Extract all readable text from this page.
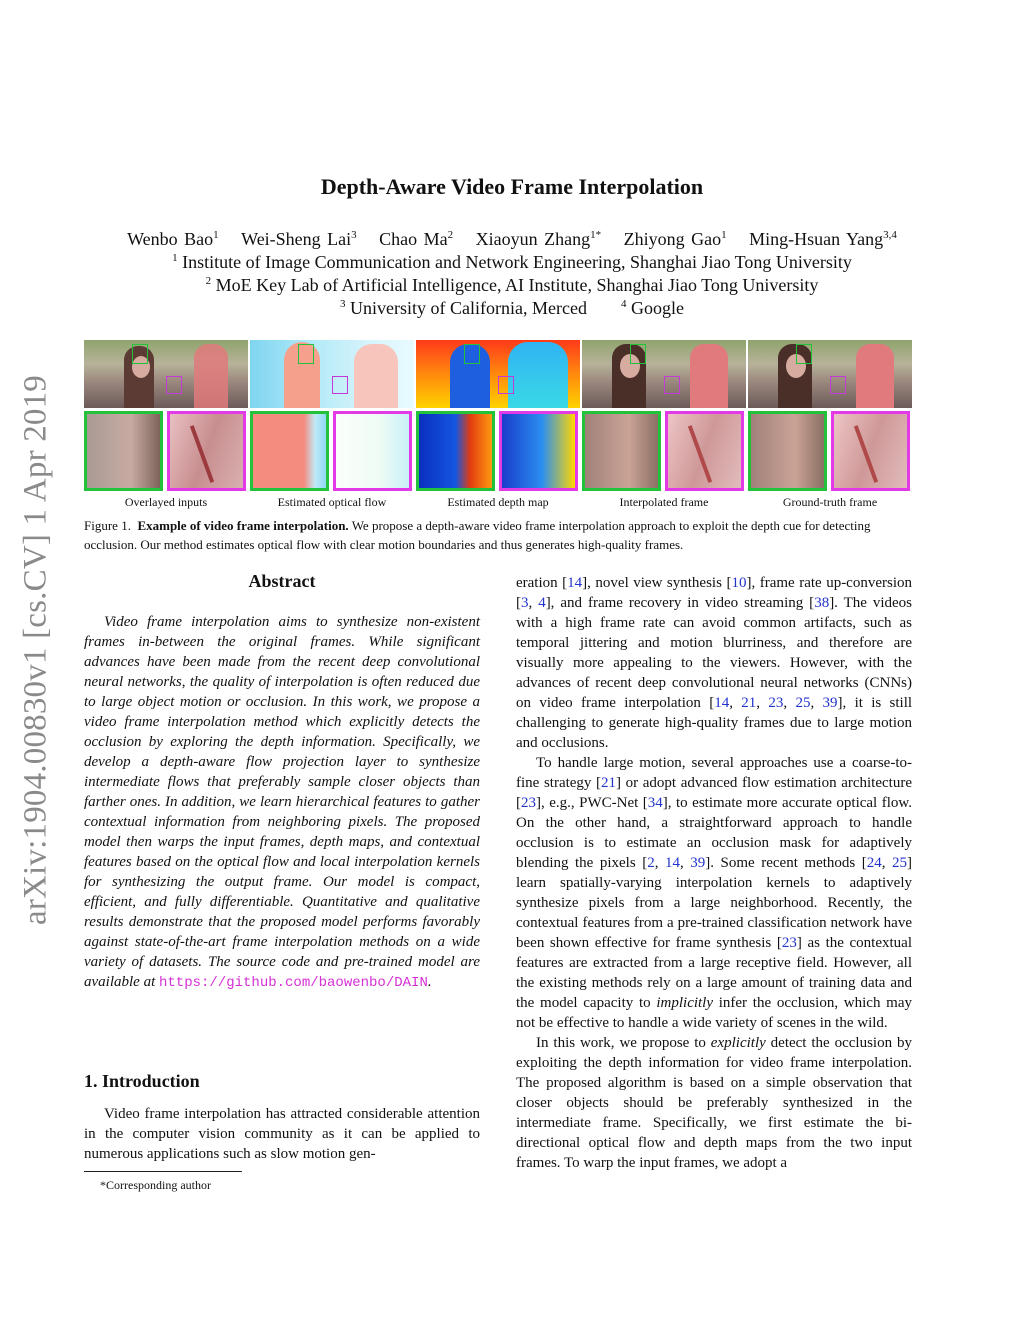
arXiv:1904.00830v1 [cs.CV] 1 Apr 2019
Depth-Aware Video Frame Interpolation
Wenbo Bao$^1$ Wei-Sheng Lai$^3$ Chao Ma$^2$ Xiaoyun Zhang$^{1*}$ Zhiyong Gao$^1$ Ming-Hsuan Yang$^{3,4}$
$^1$ Institute of Image Communication and Network Engineering, Shanghai Jiao Tong University
$^2$ MoE Key Lab of Artificial Intelligence, AI Institute, Shanghai Jiao Tong University
$^3$ University of California, Merced	$^4$ Google
Overlayed inputs	Estimated optical flow	Estimated depth map	Interpolated frame	Ground-truth frame
Figure 1. Example of video frame interpolation. We propose a depth-aware video frame interpolation approach to exploit the depth cue for detecting occlusion. Our method estimates optical flow with clear motion boundaries and thus generates high-quality frames.
Abstract
Video frame interpolation aims to synthesize non-existent frames in-between the original frames. While significant advances have been made from the recent deep convolutional neural networks, the quality of interpolation is often reduced due to large object motion or occlusion. In this work, we propose a video frame interpolation method which explicitly detects the occlusion by exploring the depth information. Specifically, we develop a depth-aware flow projection layer to synthesize intermediate flows that preferably sample closer objects than farther ones. In addition, we learn hierarchical features to gather contextual information from neighboring pixels. The proposed model then warps the input frames, depth maps, and contextual features based on the optical flow and local interpolation kernels for synthesizing the output frame. Our model is compact, efficient, and fully differentiable. Quantitative and qualitative results demonstrate that the proposed model performs favorably against state-of-the-art frame interpolation methods on a wide variety of datasets. The source code and pre-trained model are available at https://github.com/baowenbo/DAIN.
1. Introduction
Video frame interpolation has attracted considerable attention in the computer vision community as it can be applied to numerous applications such as slow motion gen-
*Corresponding author

eration [14], novel view synthesis [10], frame rate up-conversion [3, 4], and frame recovery in video streaming [38]. The videos with a high frame rate can avoid common artifacts, such as temporal jittering and motion blurriness, and therefore are visually more appealing to the viewers. However, with the advances of recent deep convolutional neural networks (CNNs) on video frame interpolation [14, 21, 23, 25, 39], it is still challenging to generate high-quality frames due to large motion and occlusions.

To handle large motion, several approaches use a coarse-to-fine strategy [21] or adopt advanced flow estimation architecture [23], e.g., PWC-Net [34], to estimate more accurate optical flow. On the other hand, a straightforward approach to handle occlusion is to estimate an occlusion mask for adaptively blending the pixels [2, 14, 39]. Some recent methods [24, 25] learn spatially-varying interpolation kernels to adaptively synthesize pixels from a large neighborhood. Recently, the contextual features from a pre-trained classification network have been shown effective for frame synthesis [23] as the contextual features are extracted from a large receptive field. However, all the existing methods rely on a large amount of training data and the model capacity to implicitly infer the occlusion, which may not be effective to handle a wide variety of scenes in the wild.

In this work, we propose to explicitly detect the occlusion by exploiting the depth information for video frame interpolation. The proposed algorithm is based on a simple observation that closer objects should be preferably synthesized in the intermediate frame. Specifically, we first estimate the bi-directional optical flow and depth maps from the two input frames. To warp the input frames, we adopt a
